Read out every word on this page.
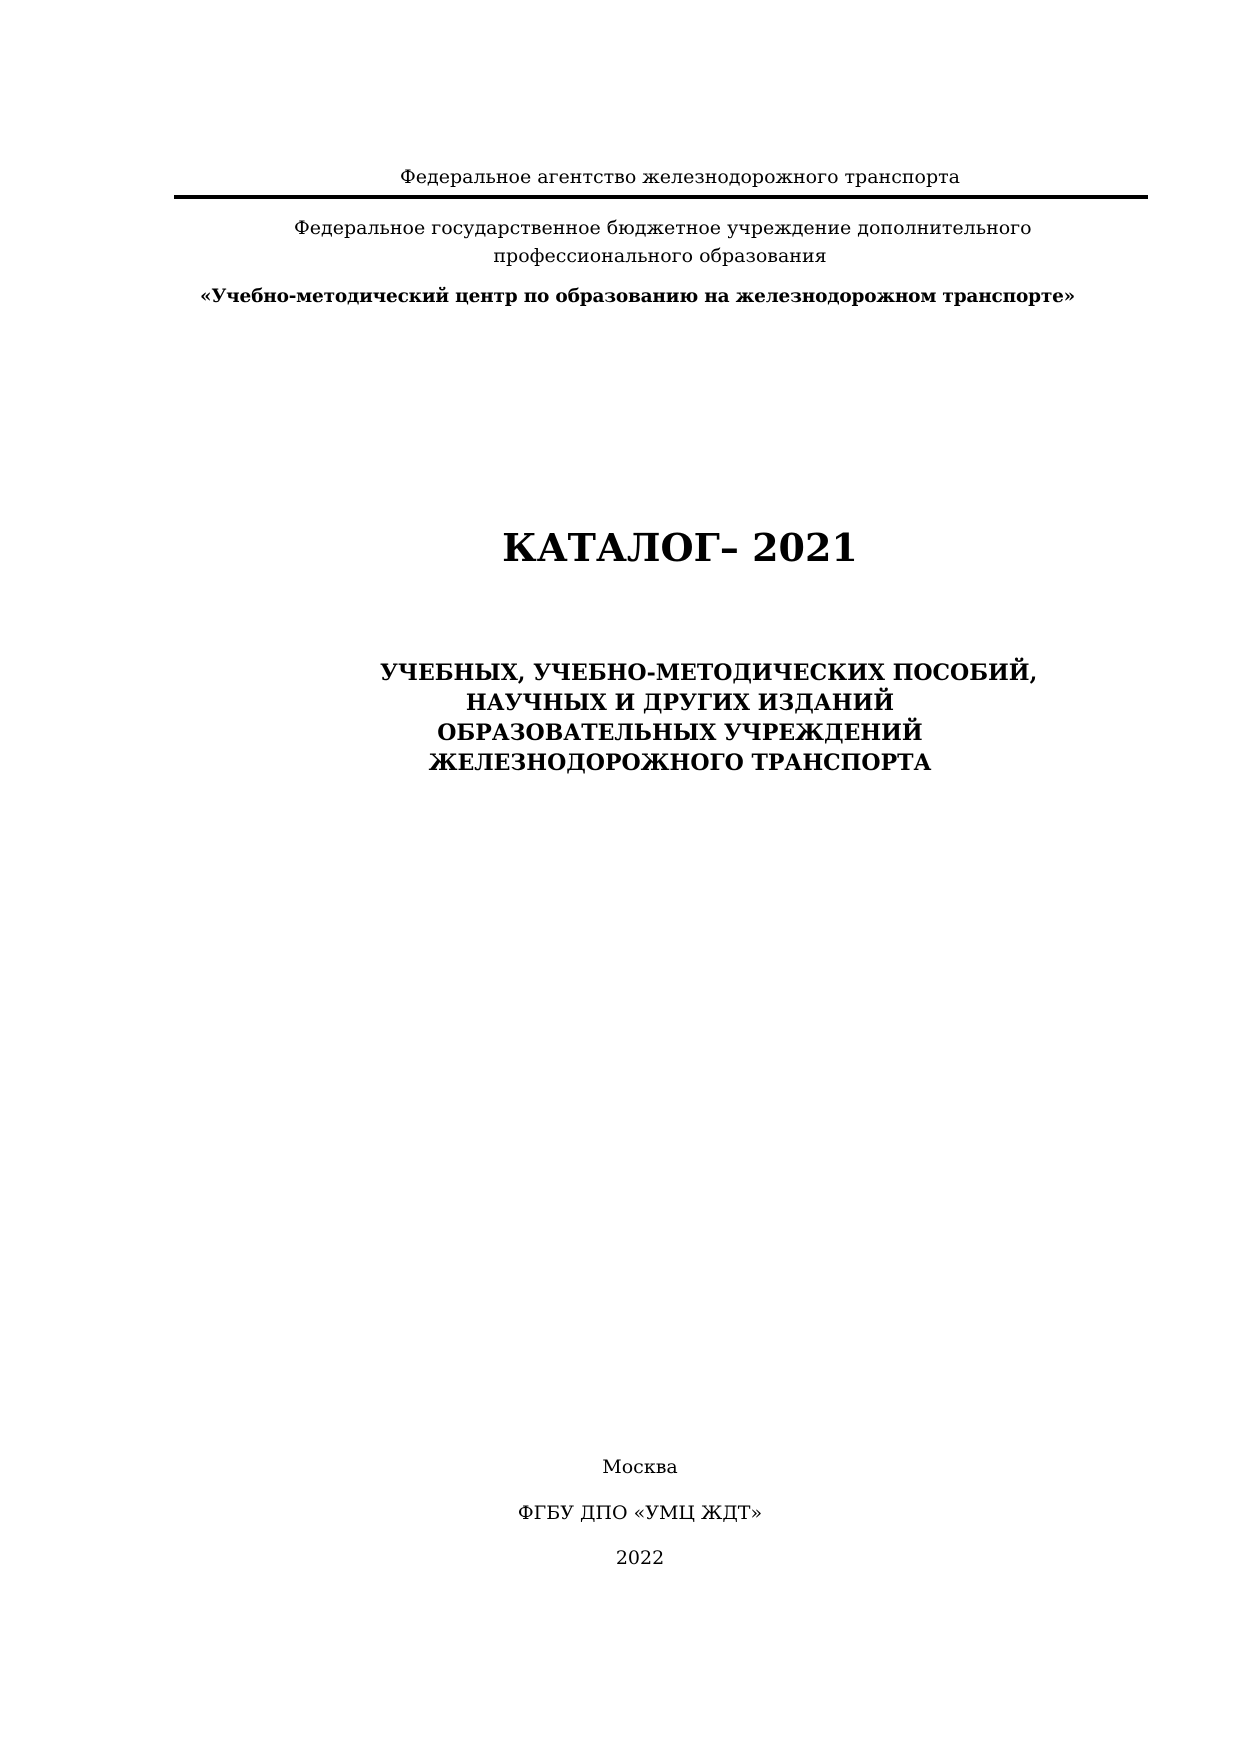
Федеральное агентство железнодорожного транспорта
Федеральное государственное бюджетное учреждение дополнительного
профессионального образования
«Учебно-методический центр по образованию на железнодорожном транспорте»
КАТАЛОГ– 2021
УЧЕБНЫХ, УЧЕБНО-МЕТОДИЧЕСКИХ ПОСОБИЙ,
НАУЧНЫХ И ДРУГИХ ИЗДАНИЙ
ОБРАЗОВАТЕЛЬНЫХ УЧРЕЖДЕНИЙ
ЖЕЛЕЗНОДОРОЖНОГО ТРАНСПОРТА
Москва
ФГБУ ДПО «УМЦ ЖДТ»
2022
